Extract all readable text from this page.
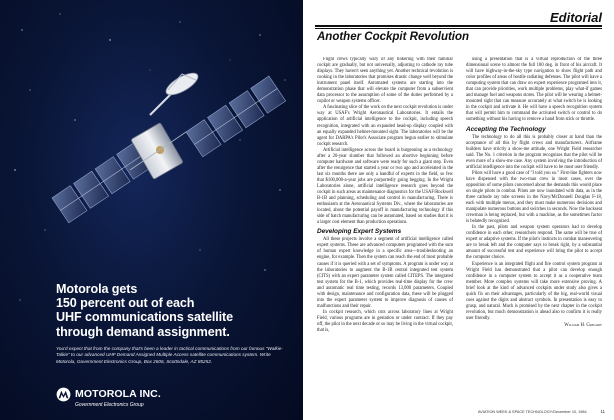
Motorola gets
150 percent out of each
UHF communications satellite
through demand assignment.
You'd expect that from the company that's been a leader in tactical communications from our famous "Walkie-Talkie" to our advanced UHF Demand Assigned Multiple Access satellite communications system. Write Motorola, Government Electronics Group, Box 2606, Scottsdale, AZ 85252.
MOTOROLA INC.
Government Electronics Group
Editorial
Another Cockpit Revolution

Flight crews typically wary of any tinkering with their familiar cockpit are gradually, but not universally, adjusting to cathode ray tube displays. They haven't seen anything yet. Another technical revolution is cooking in the laboratories that promises drastic change well beyond the instrument panel itself. Automated systems are starting into the demonstration phase that will elevate the computer from a subservient data processor to the assumption of some of the duties performed by a copilot or weapon systems officer.

A fascinating slice of the work on the next cockpit revolution is under way at USAF's Wright Aeronautical Laboratories. It entails the application of artificial intelligence to the cockpit, including speech recognition, integrated with an expanded head-up display coupled with an equally expanded helmet-mounted sight. The laboratories will be the agent for DARPA's Pilot's Associate program begun earlier to stimulate cockpit research.

Artificial intelligence across the board is burgeoning as a technology after a 20-year slumber that followed an abortive beginning before computer hardware and software were ready for such a giant step. Even after the resurgence that started a year or two ago and accelerated in the last six months there are only a handful of experts in the field, so few that $100,000-a-year jobs are purportedly going begging. In the Wright Laboratories alone, artificial intelligence research goes beyond the cockpit in such areas as maintenance diagnostics for the USAF/Rockwell B-1B and planning, scheduling and control in manufacturing. There is enthusiasm at the Aeronautical Systems Div., where the laboratories are located, about the potential payoff in manufacturing technology if this side of batch manufacturing can be automated, based on studies that it is a larger cost element than production operations.

Developing Expert Systems

All these projects involve a segment of artificial intelligence called expert systems. These are advanced computers programed with the sum of human expert knowledge in a specific area—troubleshooting an engine, for example. Then the system can reach the end of most probable causes if it is queried with a set of symptoms. A program is under way at the laboratories to augment the B-1B central integrated test system (CITS) with an expert parameter system called CITEPS. The integrated test system for the B-1, which provides real-time display for the crew and automatic real time testing, records 13,000 parameters. Coupled with design, maintenance and configuration data, these will be plugged into the expert parameter system to improve diagnosis of causes of malfunctions and their repair.

In cockpit research, which cuts across laboratory lines at Wright Field, various programs are in gestation or under contract. If they pay off, the pilot in the next decade or so may be living in the virtual cockpit, that is,

using a presentation that is a virtual reproduction of the three dimensional scene to almost the full 180 deg. in front of his aircraft. It will have highway-in-the-sky type navigation to show flight path and color profiles of areas of hostile radiating defenses. The pilot will have a computing system that can draw on expert experience programed into it, that can provide priorities, work multiple problems, play what-if games and manage fuel and weapons stores. The pilot will be wearing a helmet-mounted sight that can measure accurately at what switch he is looking in the cockpit and activate it. He will have a speech recognition system that will permit him to command the activated switch or control to do something without his having to remove a hand from stick or throttle.

Accepting the Technology

The technology to do all this is probably closer at hand than the acceptance of all this by flight crews and manufacturers. Airframe builders have strictly a show-me attitude, one Wright Field researcher said. The No. 1 criterion in the program recognizes that the pilot will be even more of a show-me case. Any system involving the introduction of artificial intelligence into the cockpit will have to be most user friendly.

Pilots will have a good case of "I told you so." First-line fighters now have dispensed with the two-man crew in most cases, over the opposition of some pilots concerned about the demands this would place on single pilots in combat. Pilots are now inundated with data, as in the three cathode ray tube screens in the Navy/McDonnell Douglas F-18, each with multiple menus, and they must make numerous decisions and manipulate numerous buttons and switches in seconds. Now the backseat crewman is being replaced, but with a machine, as the sometimes factor is belatedly recognized.

In the past, pilots and weapon system operators had to develop confidence in each other, researchers respond. The same will be true of expert or adaptive systems. If the pilot's instincts in combat maneuvering are to break left and the computer says to break right, by a substantial amount of successful test and experience will bring the pilot to accept the computer choice.

Experience is an integrated flight and fire control system program at Wright Field has demonstrated that a pilot can develop enough confidence in a computer system to accept it as a cooperative team member. More complex systems will take more extensive proving. A brief look at the kind of advanced cockpits under study also gives a quick fix on their advantages, particularly of the big, real-world visual cues against the digits and abstract symbols. In presentation is easy to grasp, and natural. Much is promised by the next chapter in the cockpit revolution, but much demonstration is ahead also to confirm it is really user friendly.

William H. Gregory
AVIATION WEEK & SPACE TECHNOLOGY/December 10, 1984	11
